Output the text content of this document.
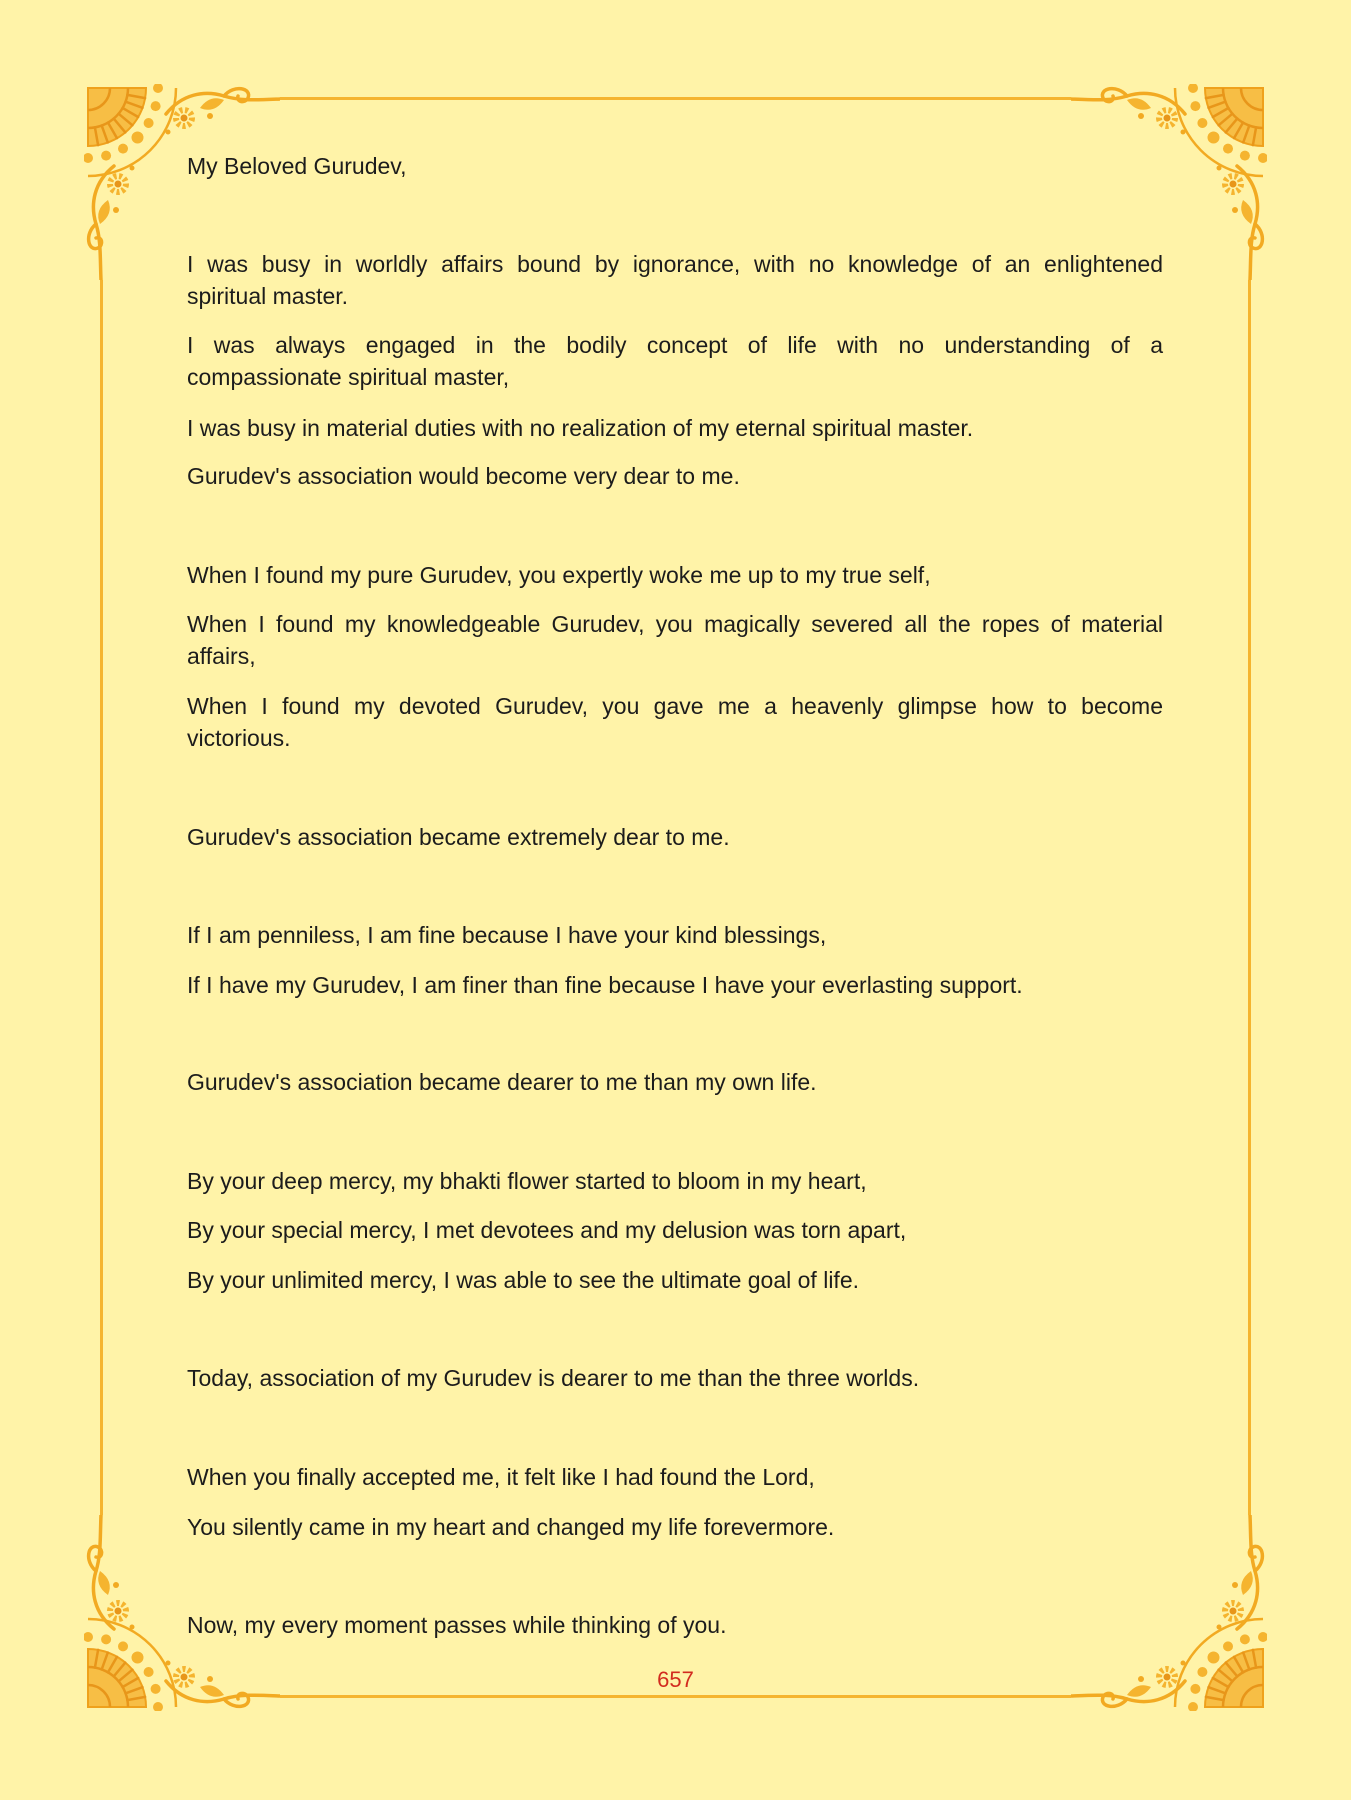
My Beloved Gurudev,
I was busy in worldly affairs bound by ignorance, with no knowledge of an enlightened
spiritual master.
I was always engaged in the bodily concept of life with no understanding of a
compassionate spiritual master,
I was busy in material duties with no realization of my eternal spiritual master.
Gurudev's association would become very dear to me.
When I found my pure Gurudev, you expertly woke me up to my true self,
When I found my knowledgeable Gurudev, you magically severed all the ropes of material
affairs,
When I found my devoted Gurudev, you gave me a heavenly glimpse how to become
victorious.
Gurudev's association became extremely dear to me.
If I am penniless, I am fine because I have your kind blessings,
If I have my Gurudev, I am finer than fine because I have your everlasting support.
Gurudev's association became dearer to me than my own life.
By your deep mercy, my bhakti flower started to bloom in my heart,
By your special mercy, I met devotees and my delusion was torn apart,
By your unlimited mercy, I was able to see the ultimate goal of life.
Today, association of my Gurudev is dearer to me than the three worlds.
When you finally accepted me, it felt like I had found the Lord,
You silently came in my heart and changed my life forevermore.
Now, my every moment passes while thinking of you.
657
